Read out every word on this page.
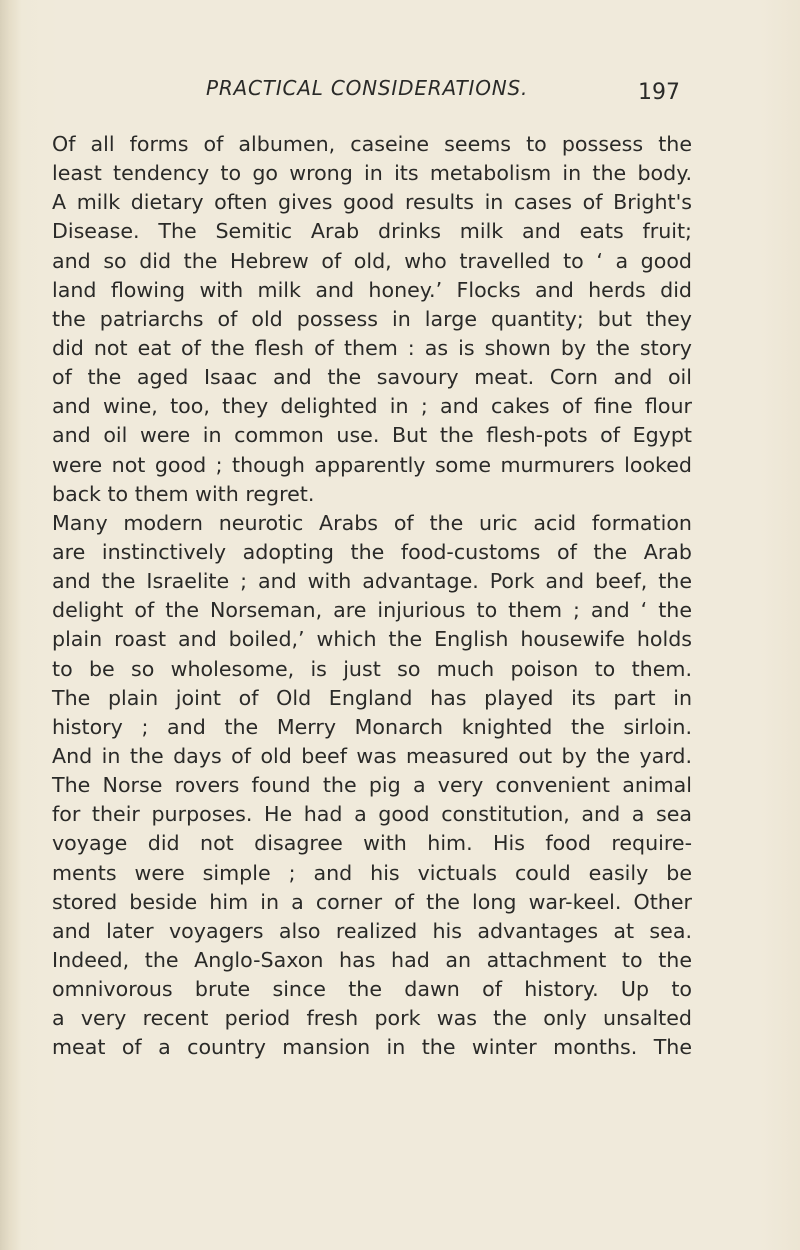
PRACTICAL CONSIDERATIONS.	197
Of all forms of albumen, caseine seems to possess the
least tendency to go wrong in its metabolism in the body.
A milk dietary often gives good results in cases of Bright's
Disease. The Semitic Arab drinks milk and eats fruit;
and so did the Hebrew of old, who travelled to ‘ a good
land flowing with milk and honey.’ Flocks and herds did
the patriarchs of old possess in large quantity; but they
did not eat of the flesh of them : as is shown by the story
of the aged Isaac and the savoury meat. Corn and oil
and wine, too, they delighted in ; and cakes of fine flour
and oil were in common use. But the flesh-pots of Egypt
were not good ; though apparently some murmurers looked
back to them with regret.
Many modern neurotic Arabs of the uric acid formation
are instinctively adopting the food-customs of the Arab
and the Israelite ; and with advantage. Pork and beef, the
delight of the Norseman, are injurious to them ; and ‘ the
plain roast and boiled,’ which the English housewife holds
to be so wholesome, is just so much poison to them.
The plain joint of Old England has played its part in
history ; and the Merry Monarch knighted the sirloin.
And in the days of old beef was measured out by the yard.
The Norse rovers found the pig a very convenient animal
for their purposes. He had a good constitution, and a sea
voyage did not disagree with him. His food require-
ments were simple ; and his victuals could easily be
stored beside him in a corner of the long war-keel. Other
and later voyagers also realized his advantages at sea.
Indeed, the Anglo-Saxon has had an attachment to the
omnivorous brute since the dawn of history. Up to
a very recent period fresh pork was the only unsalted
meat of a country mansion in the winter months. The
